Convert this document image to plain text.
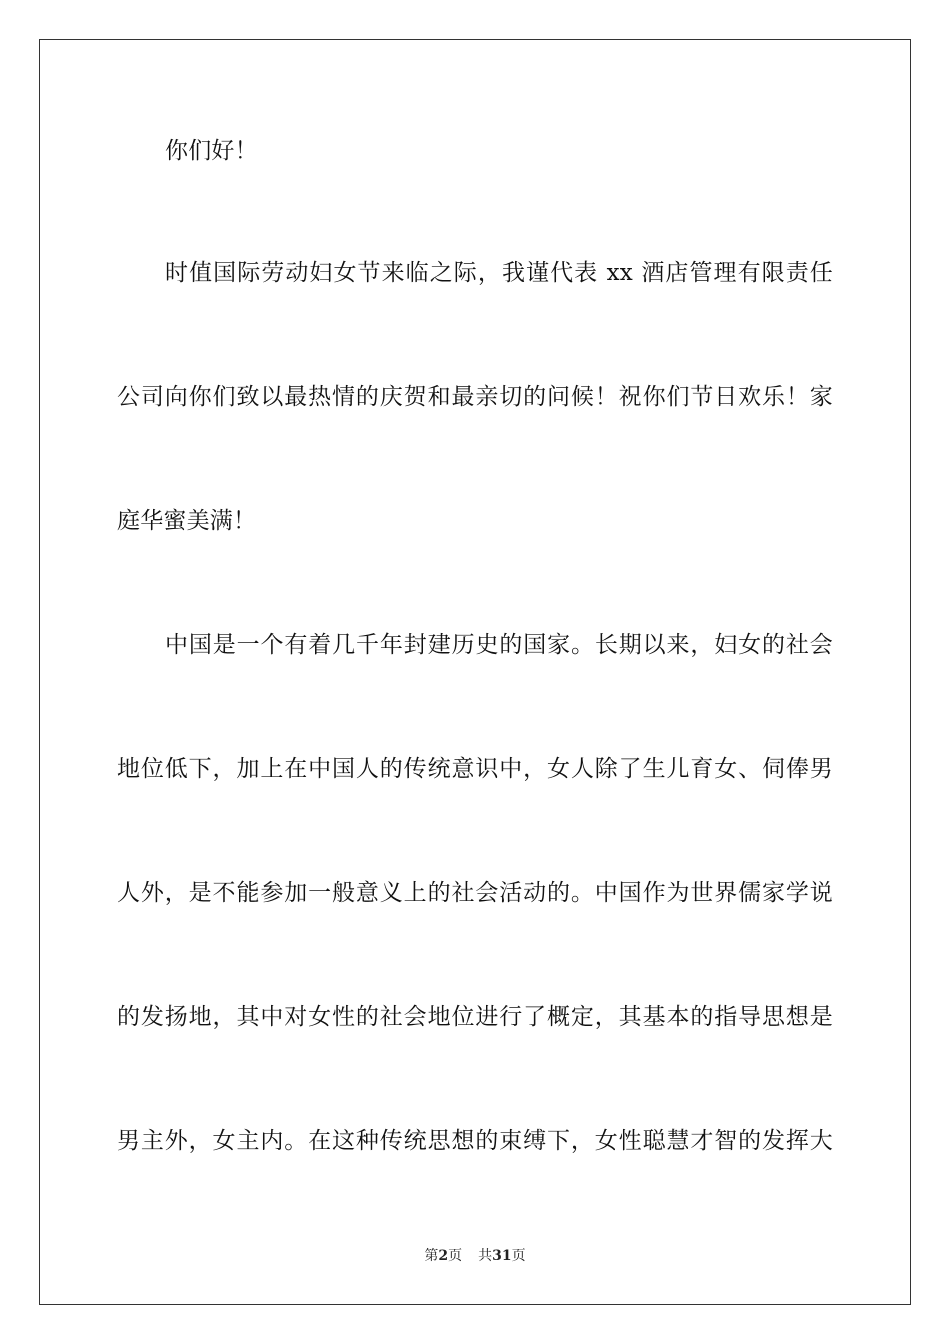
你们好！
时值国际劳动妇女节来临之际，我谨代表 xx 酒店管理有限责任
公司向你们致以最热情的庆贺和最亲切的问候！祝你们节日欢乐！家
庭华蜜美满！
中国是一个有着几千年封建历史的国家。长期以来，妇女的社会
地位低下，加上在中国人的传统意识中，女人除了生儿育女、伺俸男
人外，是不能参加一般意义上的社会活动的。中国作为世界儒家学说
的发扬地，其中对女性的社会地位进行了概定，其基本的指导思想是
男主外，女主内。在这种传统思想的束缚下，女性聪慧才智的发挥大
第2页 共31页
